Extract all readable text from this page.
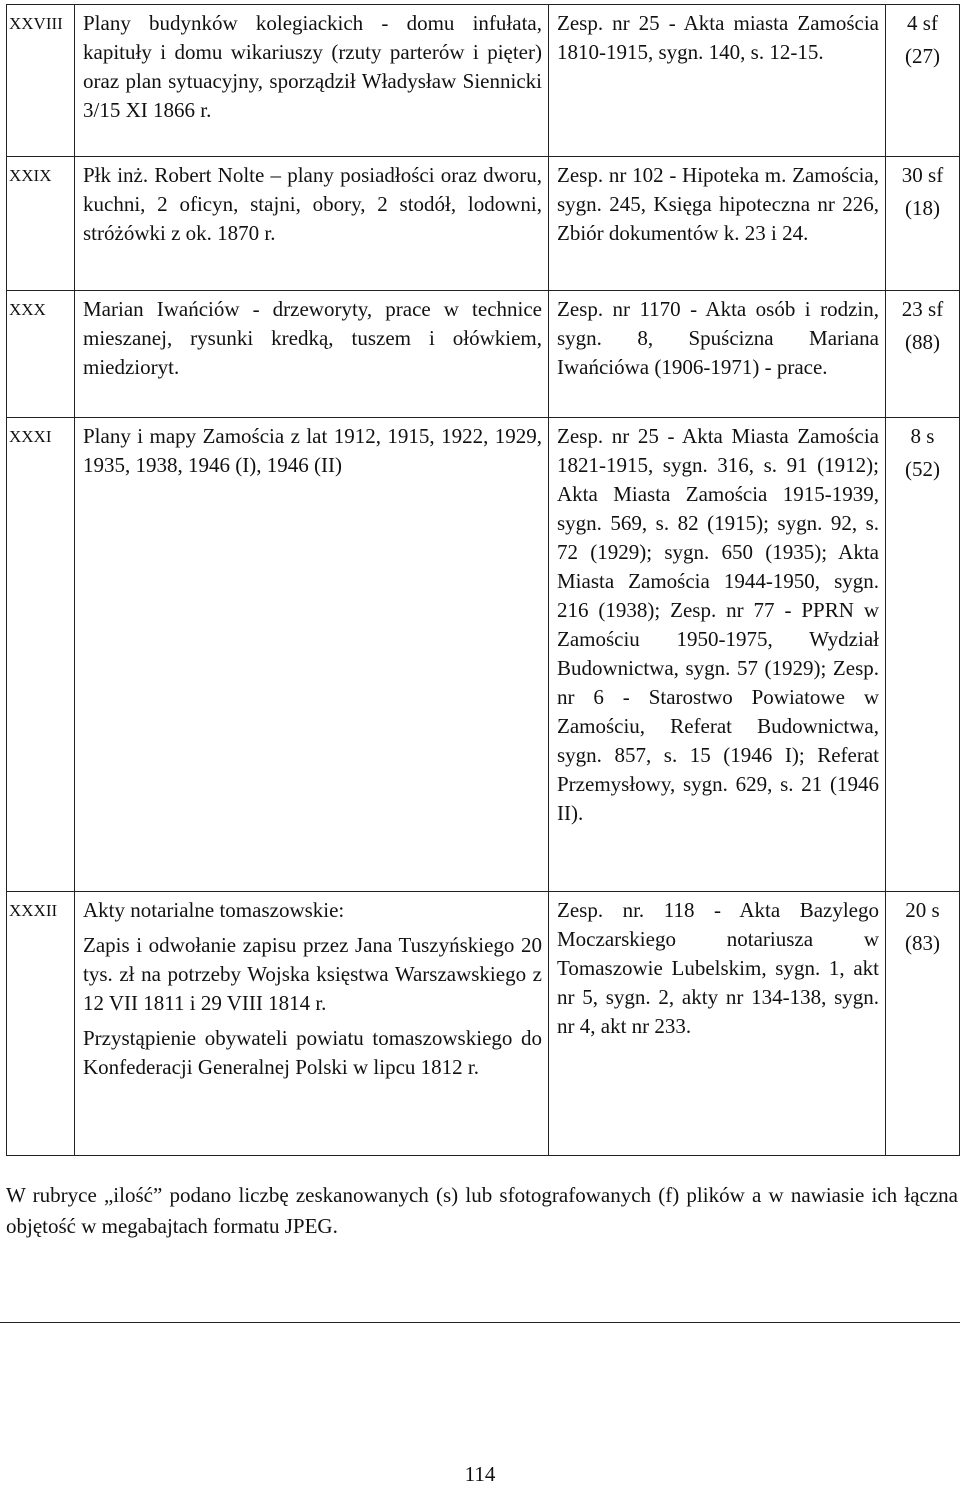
XXVIII	Plany budynków kolegiackich - domu infułata, kapituły i domu wikariuszy (rzuty parterów i pięter) oraz plan sytuacyjny, sporządził Władysław Siennicki 3/15 XI 1866 r.	Zesp. nr 25 - Akta miasta Zamościa 1810-1915, sygn. 140, s. 12-15.	4 sf
(27)

XXIX	Płk inż. Robert Nolte – plany posiadłości oraz dworu, kuchni, 2 oficyn, stajni, obory, 2 stodół, lodowni, stróżówki z ok. 1870 r.	Zesp. nr 102 - Hipoteka m. Zamościa, sygn. 245, Księga hipoteczna nr 226, Zbiór dokumentów k. 23 i 24.	30 sf
(18)

XXX	Marian Iwańciów - drzeworyty, prace w technice mieszanej, rysunki kredką, tuszem i ołówkiem, miedzioryt.	Zesp. nr 1170 - Akta osób i rodzin, sygn. 8, Spuścizna Mariana Iwańciówa (1906-1971) - prace.	23 sf
(88)

XXXI	Plany i mapy Zamościa z lat 1912, 1915, 1922, 1929, 1935, 1938, 1946 (I), 1946 (II)	Zesp. nr 25 - Akta Miasta Zamościa 1821-1915, sygn. 316, s. 91 (1912); Akta Miasta Zamościa 1915-1939, sygn. 569, s. 82 (1915); sygn. 92, s. 72 (1929); sygn. 650 (1935); Akta Miasta Zamościa 1944-1950, sygn. 216 (1938); Zesp. nr 77 - PPRN w Zamościu 1950-1975, Wydział Budownictwa, sygn. 57 (1929); Zesp. nr 6 - Starostwo Powiatowe w Zamościu, Referat Budownictwa, sygn. 857, s. 15 (1946 I); Referat Przemysłowy, sygn. 629, s. 21 (1946 II).	8 s
(52)

XXXII	Akty notarialne tomaszowskie:
Zapis i odwołanie zapisu przez Jana Tuszyńskiego 20 tys. zł na potrzeby Wojska księstwa Warszawskiego z 12 VII 1811 i 29 VIII 1814 r.
Przystąpienie obywateli powiatu tomaszowskiego do Konfederacji Generalnej Polski w lipcu 1812 r.	Zesp. nr. 118 - Akta Bazylego Moczarskiego notariusza w Tomaszowie Lubelskim, sygn. 1, akt nr 5, sygn. 2, akty nr 134-138, sygn. nr 4, akt nr 233.	20 s
(83)

W rubryce „ilość” podano liczbę zeskanowanych (s) lub sfotografowanych (f) plików a w nawiasie ich łączna objętość w megabajtach formatu JPEG.

114
